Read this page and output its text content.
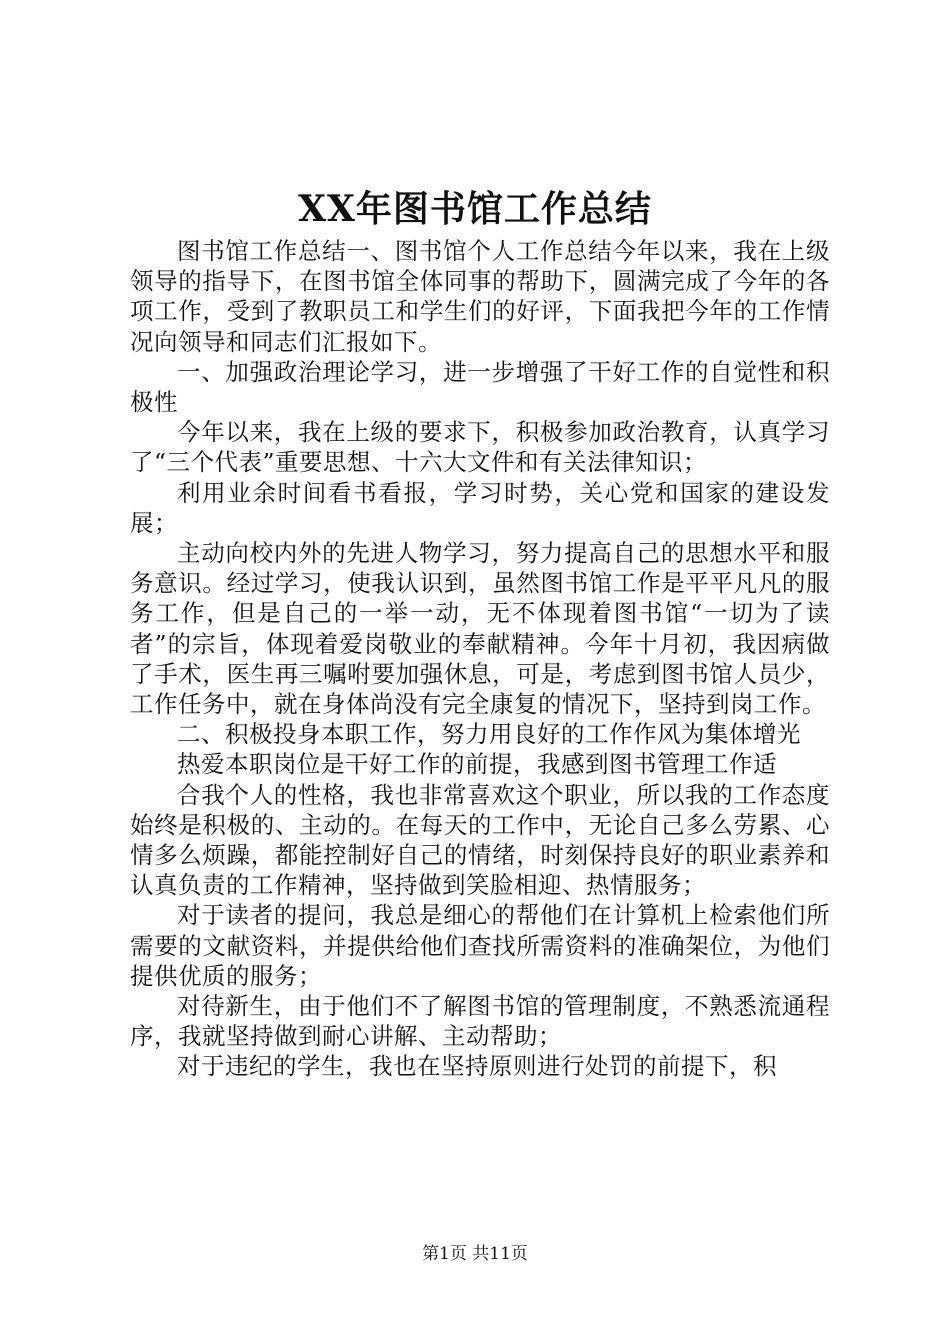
XX年图书馆工作总结

图书馆工作总结一、图书馆个人工作总结今年以来，我在上级领导的指导下，在图书馆全体同事的帮助下，圆满完成了今年的各项工作，受到了教职员工和学生们的好评，下面我把今年的工作情况向领导和同志们汇报如下。

一、加强政治理论学习，进一步增强了干好工作的自觉性和积极性

今年以来，我在上级的要求下，积极参加政治教育，认真学习了“三个代表”重要思想、十六大文件和有关法律知识；

利用业余时间看书看报，学习时势，关心党和国家的建设发展；

主动向校内外的先进人物学习，努力提高自己的思想水平和服务意识。经过学习，使我认识到，虽然图书馆工作是平平凡凡的服务工作，但是自己的一举一动，无不体现着图书馆“一切为了读者”的宗旨，体现着爱岗敬业的奉献精神。今年十月初，我因病做了手术，医生再三嘱咐要加强休息，可是，考虑到图书馆人员少，工作任务中，就在身体尚没有完全康复的情况下，坚持到岗工作。

二、积极投身本职工作，努力用良好的工作作风为集体增光

热爱本职岗位是干好工作的前提，我感到图书管理工作适

合我个人的性格，我也非常喜欢这个职业，所以我的工作态度始终是积极的、主动的。在每天的工作中，无论自己多么劳累、心情多么烦躁，都能控制好自己的情绪，时刻保持良好的职业素养和认真负责的工作精神，坚持做到笑脸相迎、热情服务；

对于读者的提问，我总是细心的帮他们在计算机上检索他们所需要的文献资料，并提供给他们查找所需资料的准确架位，为他们提供优质的服务；

对待新生，由于他们不了解图书馆的管理制度，不熟悉流通程序，我就坚持做到耐心讲解、主动帮助；

对于违纪的学生，我也在坚持原则进行处罚的前提下，积

第1页 共11页
